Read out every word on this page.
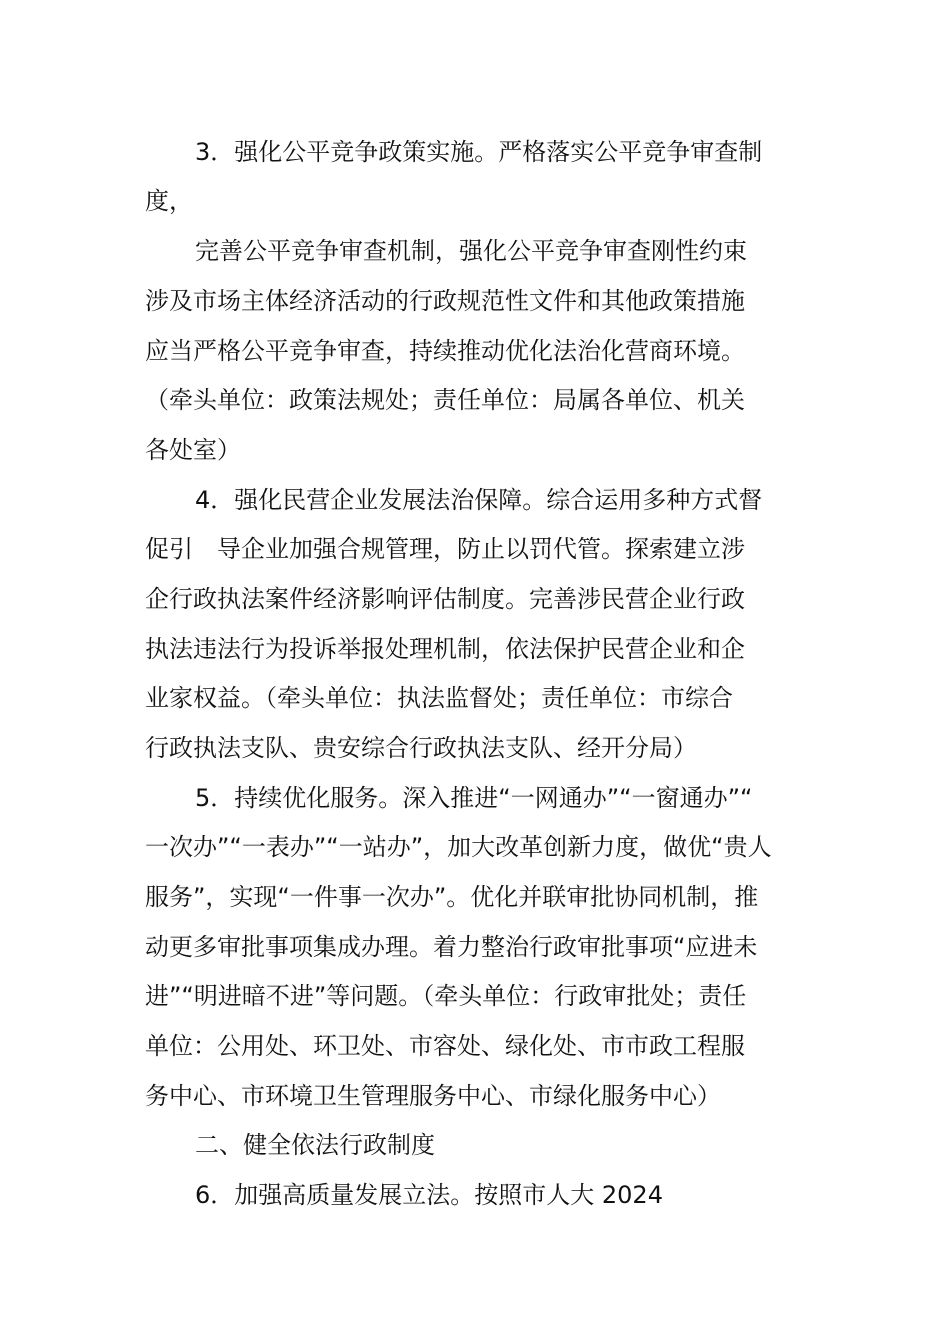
3．强化公平竞争政策实施。严格落实公平竞争审查制
度，
完善公平竞争审查机制，强化公平竞争审查刚性约束
涉及市场主体经济活动的行政规范性文件和其他政策措施
应当严格公平竞争审查，持续推动优化法治化营商环境。
（牵头单位：政策法规处；责任单位：局属各单位、机关
各处室）
4．强化民营企业发展法治保障。综合运用多种方式督
促引　导企业加强合规管理，防止以罚代管。探索建立涉
企行政执法案件经济影响评估制度。完善涉民营企业行政
执法违法行为投诉举报处理机制，依法保护民营企业和企
业家权益。（牵头单位：执法监督处；责任单位：市综合
行政执法支队、贵安综合行政执法支队、经开分局）
5．持续优化服务。深入推进“一网通办”“一窗通办”“
一次办”“一表办”“一站办”，加大改革创新力度，做优“贵人
服务”，实现“一件事一次办”。优化并联审批协同机制，推
动更多审批事项集成办理。着力整治行政审批事项“应进未
进”“明进暗不进”等问题。（牵头单位：行政审批处；责任
单位：公用处、环卫处、市容处、绿化处、市市政工程服
务中心、市环境卫生管理服务中心、市绿化服务中心）
二、健全依法行政制度
6．加强高质量发展立法。按照市人大 2024
